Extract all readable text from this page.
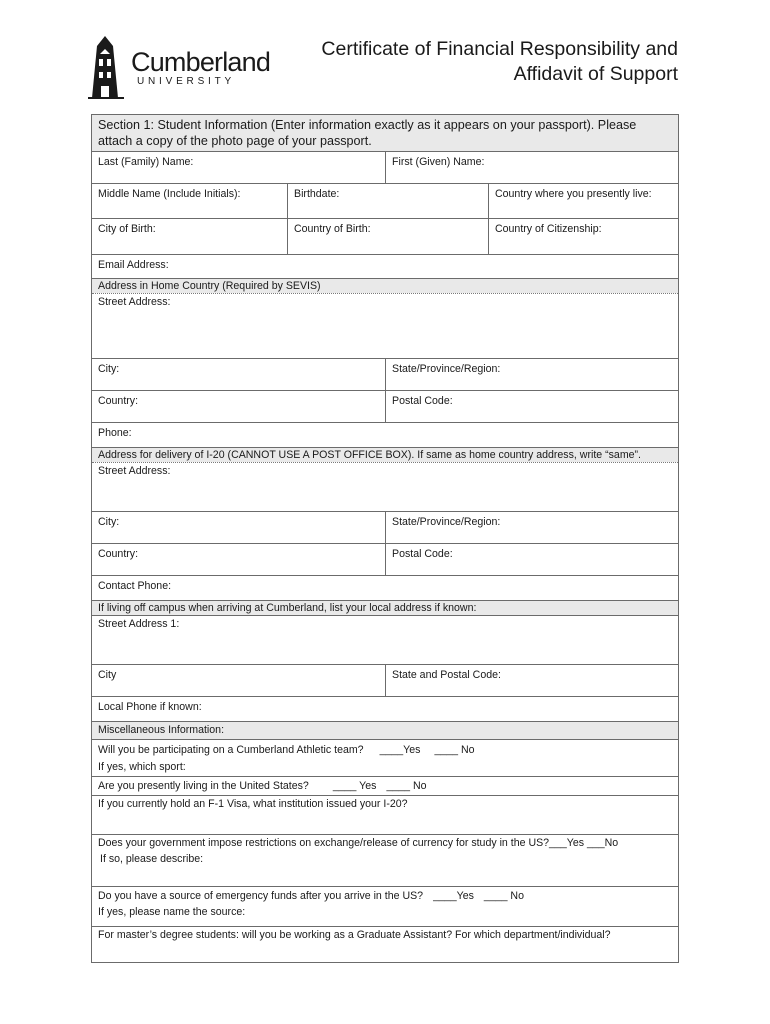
Cumberland
UNIVERSITY
Certificate of Financial Responsibility and
Affidavit of Support
Section 1: Student Information (Enter information exactly as it appears on your passport). Please attach a copy of the photo page of your passport.
Last (Family) Name:	First (Given) Name:
Middle Name (Include Initials):	Birthdate:	Country where you presently live:
City of Birth:	Country of Birth:	Country of Citizenship:
Email Address:
Address in Home Country (Required by SEVIS)
Street Address:
City:	State/Province/Region:
Country:	Postal Code:
Phone:
Address for delivery of I-20 (CANNOT USE A POST OFFICE BOX). If same as home country address, write “same”.
Street Address:
City:	State/Province/Region:
Country:	Postal Code:
Contact Phone:
If living off campus when arriving at Cumberland, list your local address if known:
Street Address 1:
City	State and Postal Code:
Local Phone if known:
Miscellaneous Information:
Will you be participating on a Cumberland Athletic team? ____Yes ____ No
If yes, which sport:
Are you presently living in the United States? ____ Yes ____ No
If you currently hold an F-1 Visa, what institution issued your I-20?
Does your government impose restrictions on exchange/release of currency for study in the US?___Yes ___No
If so, please describe:
Do you have a source of emergency funds after you arrive in the US? ____Yes ____ No
If yes, please name the source:
For master’s degree students: will you be working as a Graduate Assistant? For which department/individual?
